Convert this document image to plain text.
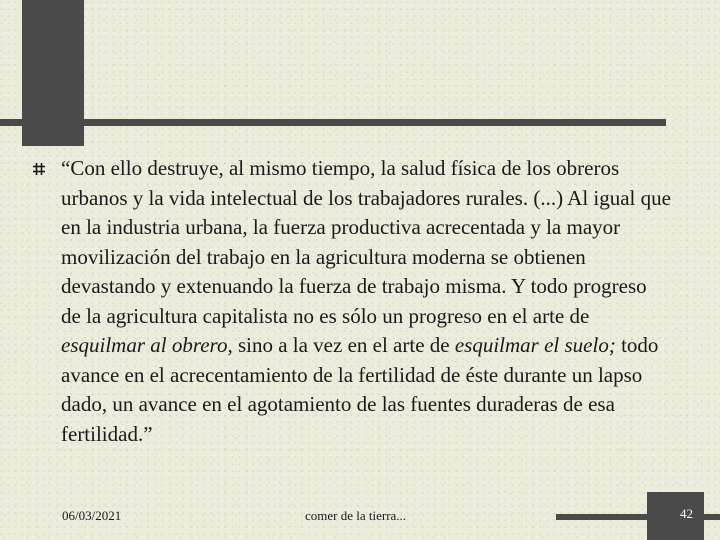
“Con ello destruye, al mismo tiempo, la salud física de los obreros urbanos y la vida intelectual de los trabajadores rurales. (...) Al igual que en la industria urbana, la fuerza productiva acrecentada y la mayor movilización del trabajo en la agricultura moderna se obtienen devastando y extenuando la fuerza de trabajo misma. Y todo progreso de la agricultura capitalista no es sólo un progreso en el arte de esquilmar al obrero, sino a la vez en el arte de esquilmar el suelo; todo avance en el acrecentamiento de la fertilidad de éste durante un lapso dado, un avance en el agotamiento de las fuentes duraderas de esa fertilidad.”

06/03/2021	comer de la tierra...	42
